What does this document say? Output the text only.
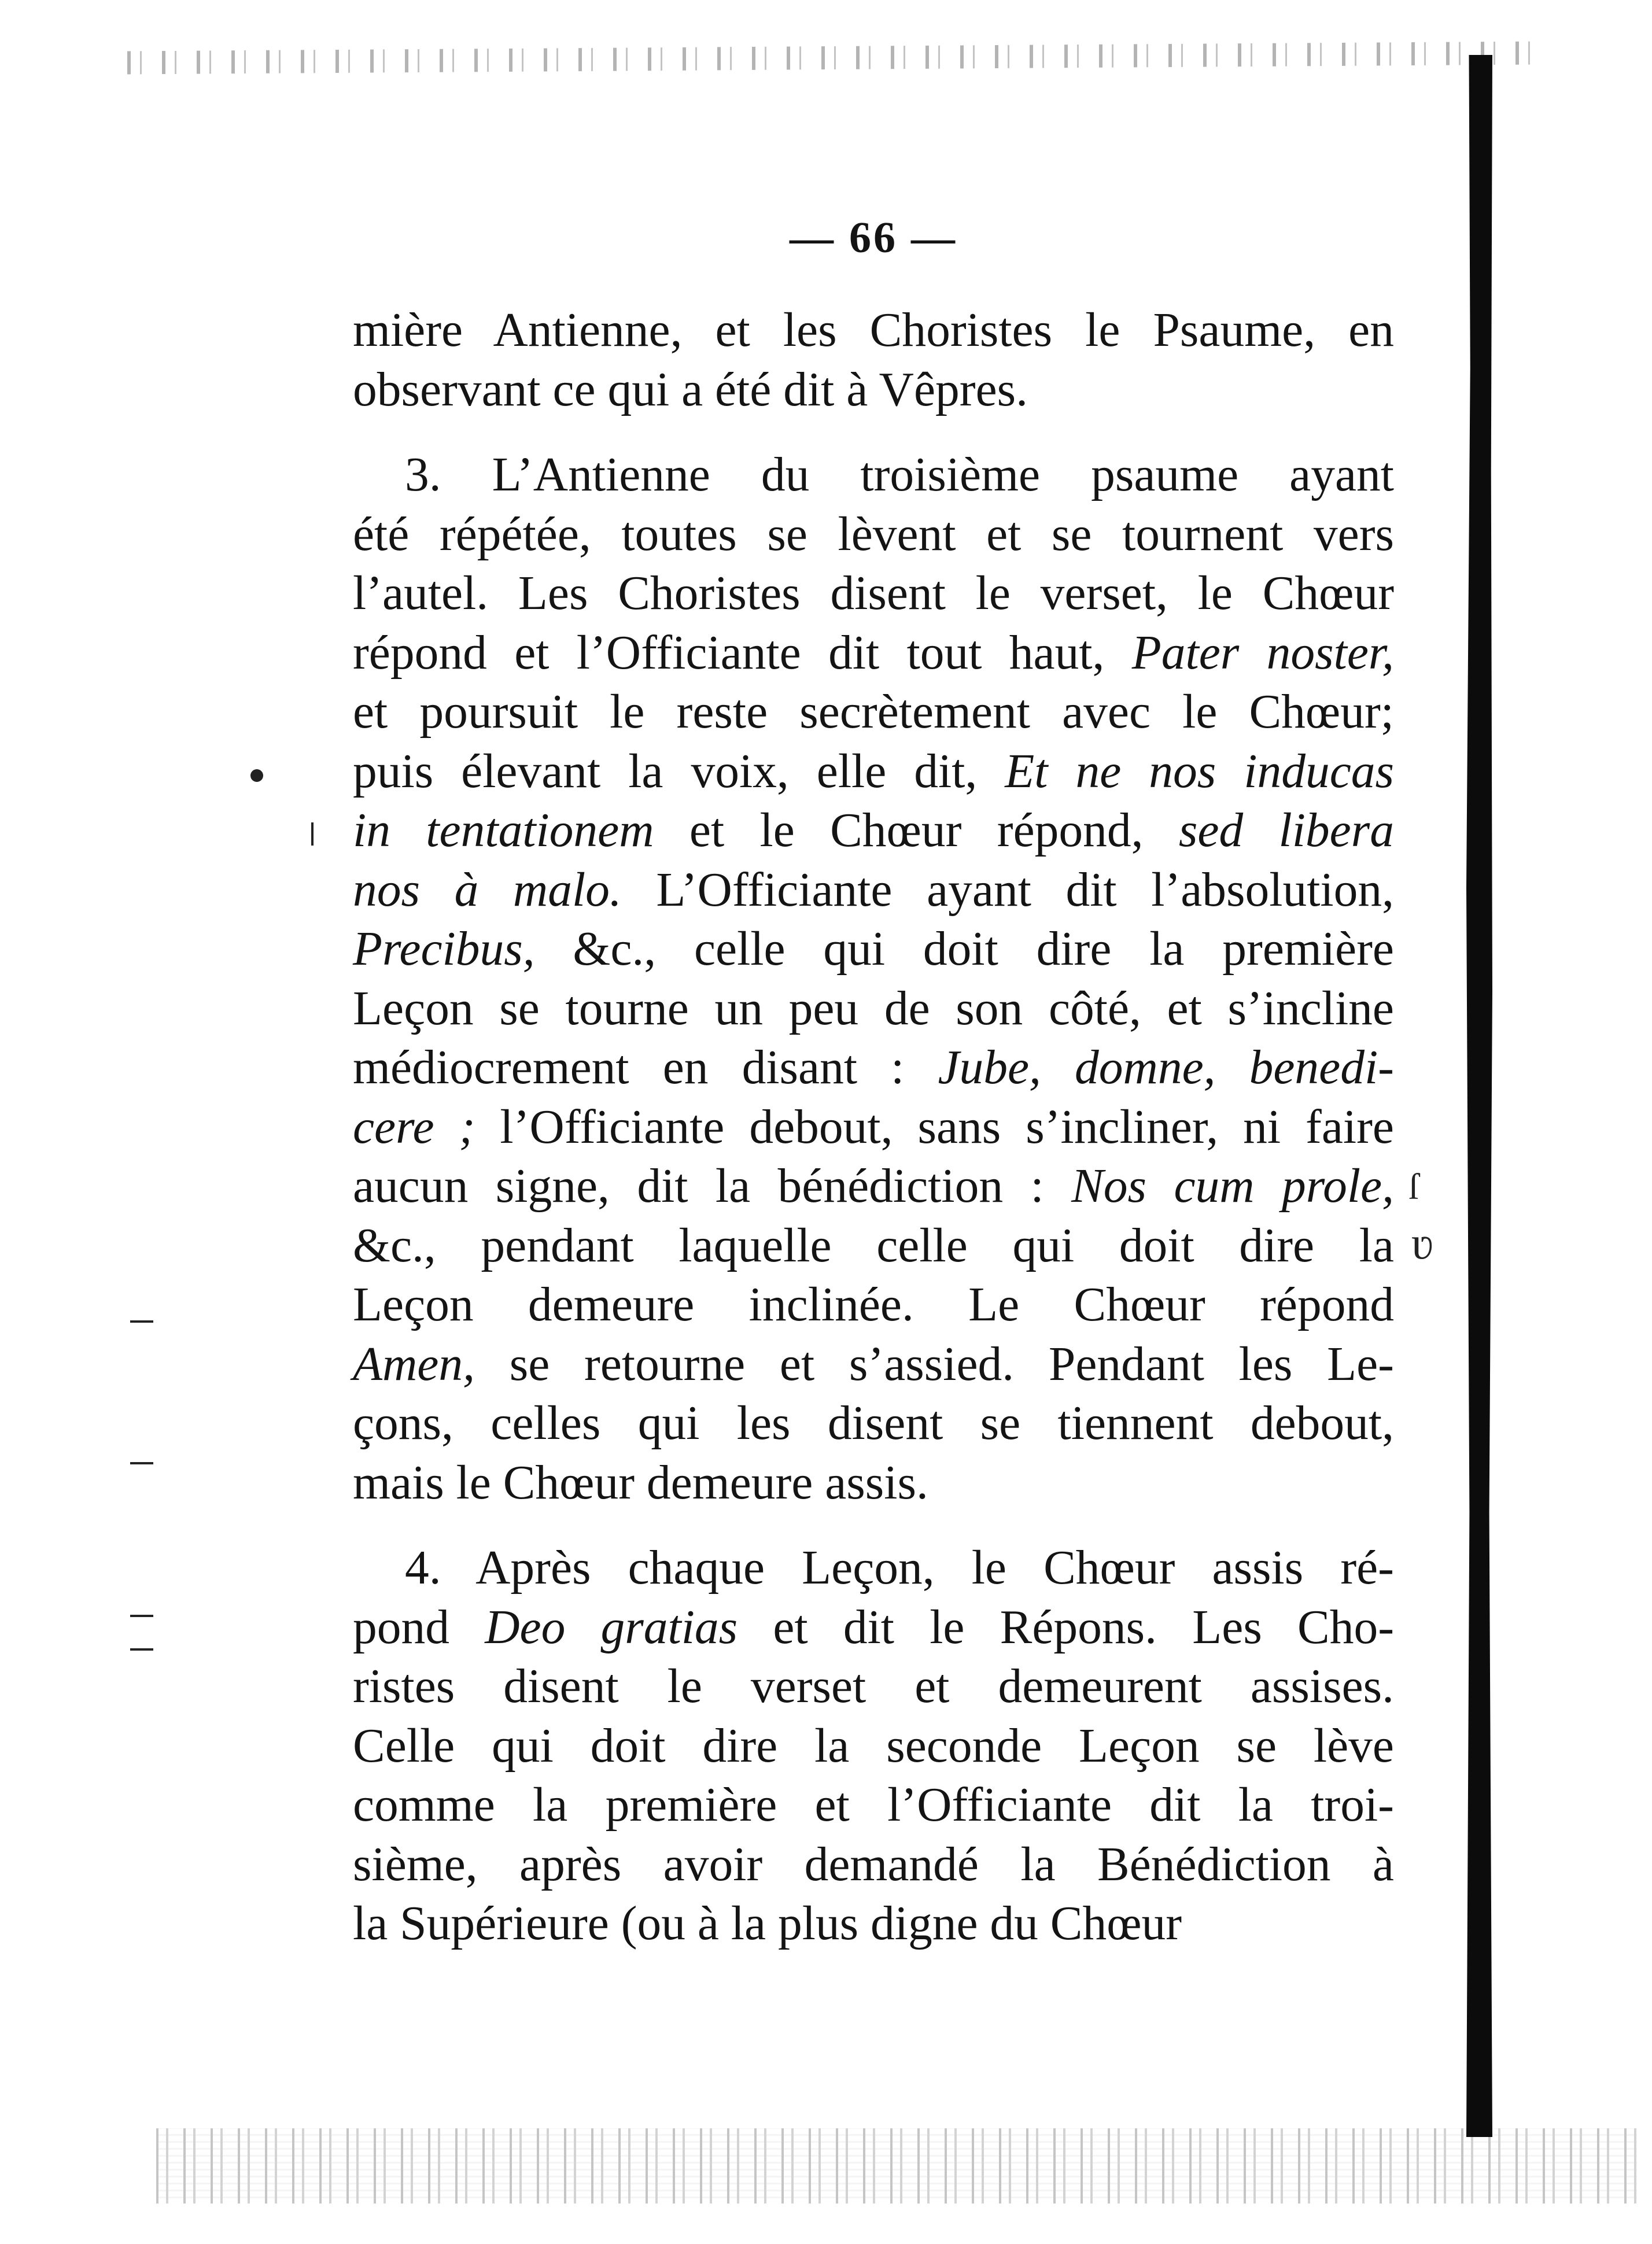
ſ
ʋ
— 66 —
mière Antienne, et les Choristes le Psaume, en
observant ce qui a été dit à Vêpres.
3. L’Antienne du troisième psaume ayant
été répétée, toutes se lèvent et se tournent vers
l’autel. Les Choristes disent le verset, le Chœur
répond et l’Officiante dit tout haut, Pater noster,
et poursuit le reste secrètement avec le Chœur;
puis élevant la voix, elle dit, Et ne nos inducas
in tentationem et le Chœur répond, sed libera
nos à malo. L’Officiante ayant dit l’absolution,
Precibus, &c., celle qui doit dire la première
Leçon se tourne un peu de son côté, et s’incline
médiocrement en disant : Jube, domne, benedi-
cere ; l’Officiante debout, sans s’incliner, ni faire
aucun signe, dit la bénédiction : Nos cum prole,
&c., pendant laquelle celle qui doit dire la
Leçon demeure inclinée. Le Chœur répond
Amen, se retourne et s’assied. Pendant les Le-
çons, celles qui les disent se tiennent debout,
mais le Chœur demeure assis.
4. Après chaque Leçon, le Chœur assis ré-
pond Deo gratias et dit le Répons. Les Cho-
ristes disent le verset et demeurent assises.
Celle qui doit dire la seconde Leçon se lève
comme la première et l’Officiante dit la troi-
sième, après avoir demandé la Bénédiction à
la Supérieure (ou à la plus digne du Chœur
